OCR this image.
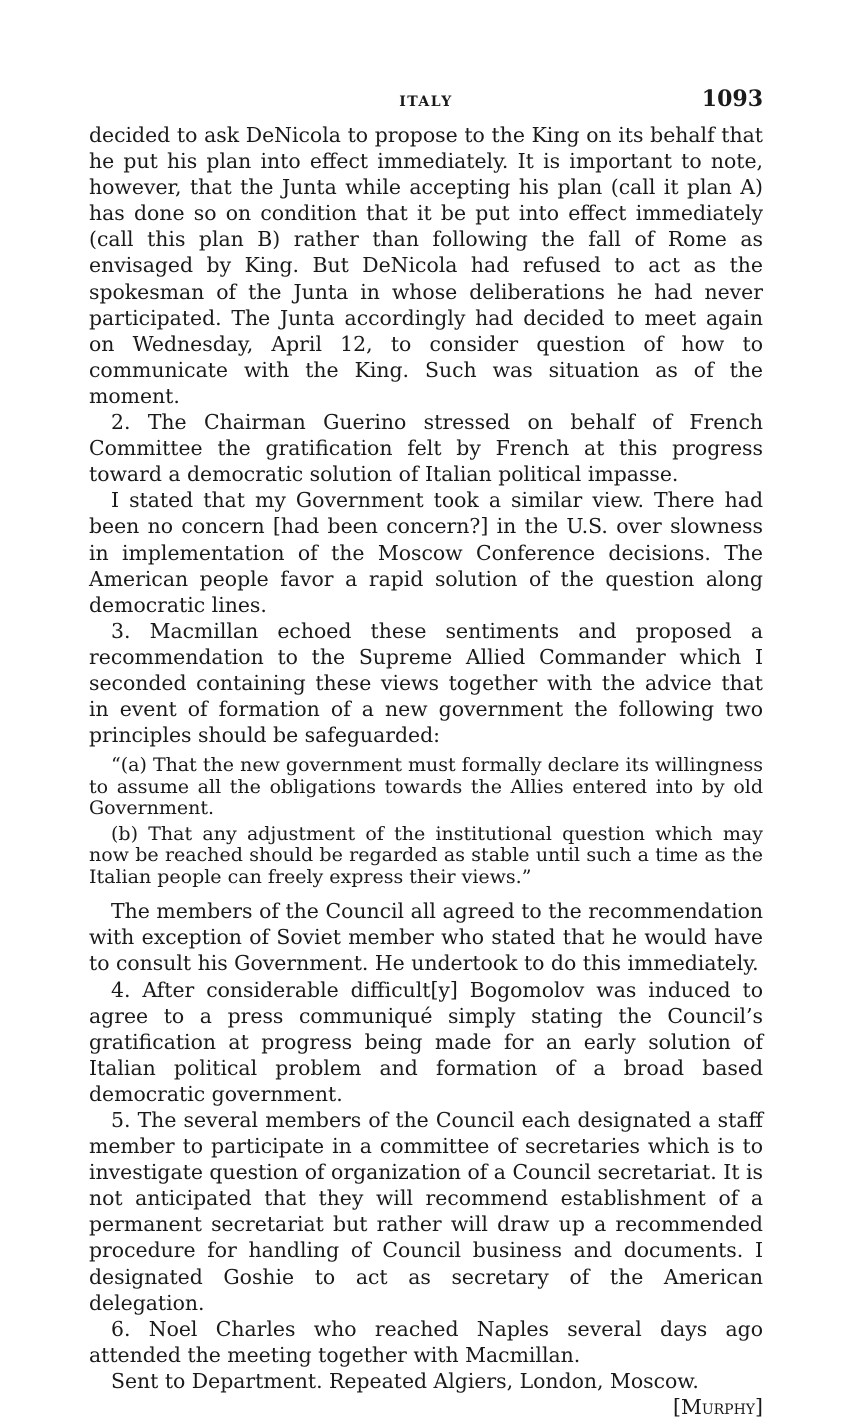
ITALY	1093

decided to ask DeNicola to propose to the King on its behalf that he put his plan into effect immediately. It is important to note, however, that the Junta while accepting his plan (call it plan A) has done so on condition that it be put into effect immediately (call this plan B) rather than following the fall of Rome as envisaged by King. But DeNicola had refused to act as the spokesman of the Junta in whose deliberations he had never participated. The Junta accordingly had decided to meet again on Wednesday, April 12, to consider question of how to communicate with the King. Such was situation as of the moment.

2. The Chairman Guerino stressed on behalf of French Committee the gratification felt by French at this progress toward a democratic solution of Italian political impasse.

I stated that my Government took a similar view. There had been no concern [had been concern?] in the U.S. over slowness in implementation of the Moscow Conference decisions. The American people favor a rapid solution of the question along democratic lines.

3. Macmillan echoed these sentiments and proposed a recommendation to the Supreme Allied Commander which I seconded containing these views together with the advice that in event of formation of a new government the following two principles should be safeguarded:

“(a) That the new government must formally declare its willingness to assume all the obligations towards the Allies entered into by old Government.

(b) That any adjustment of the institutional question which may now be reached should be regarded as stable until such a time as the Italian people can freely express their views.”

The members of the Council all agreed to the recommendation with exception of Soviet member who stated that he would have to consult his Government. He undertook to do this immediately.

4. After considerable difficult[y] Bogomolov was induced to agree to a press communiqué simply stating the Council’s gratification at progress being made for an early solution of Italian political problem and formation of a broad based democratic government.

5. The several members of the Council each designated a staff member to participate in a committee of secretaries which is to investigate question of organization of a Council secretariat. It is not anticipated that they will recommend establishment of a permanent secretariat but rather will draw up a recommended procedure for handling of Council business and documents. I designated Goshie to act as secretary of the American delegation.

6. Noel Charles who reached Naples several days ago attended the meeting together with Macmillan.

Sent to Department. Repeated Algiers, London, Moscow.

[Murphy]
